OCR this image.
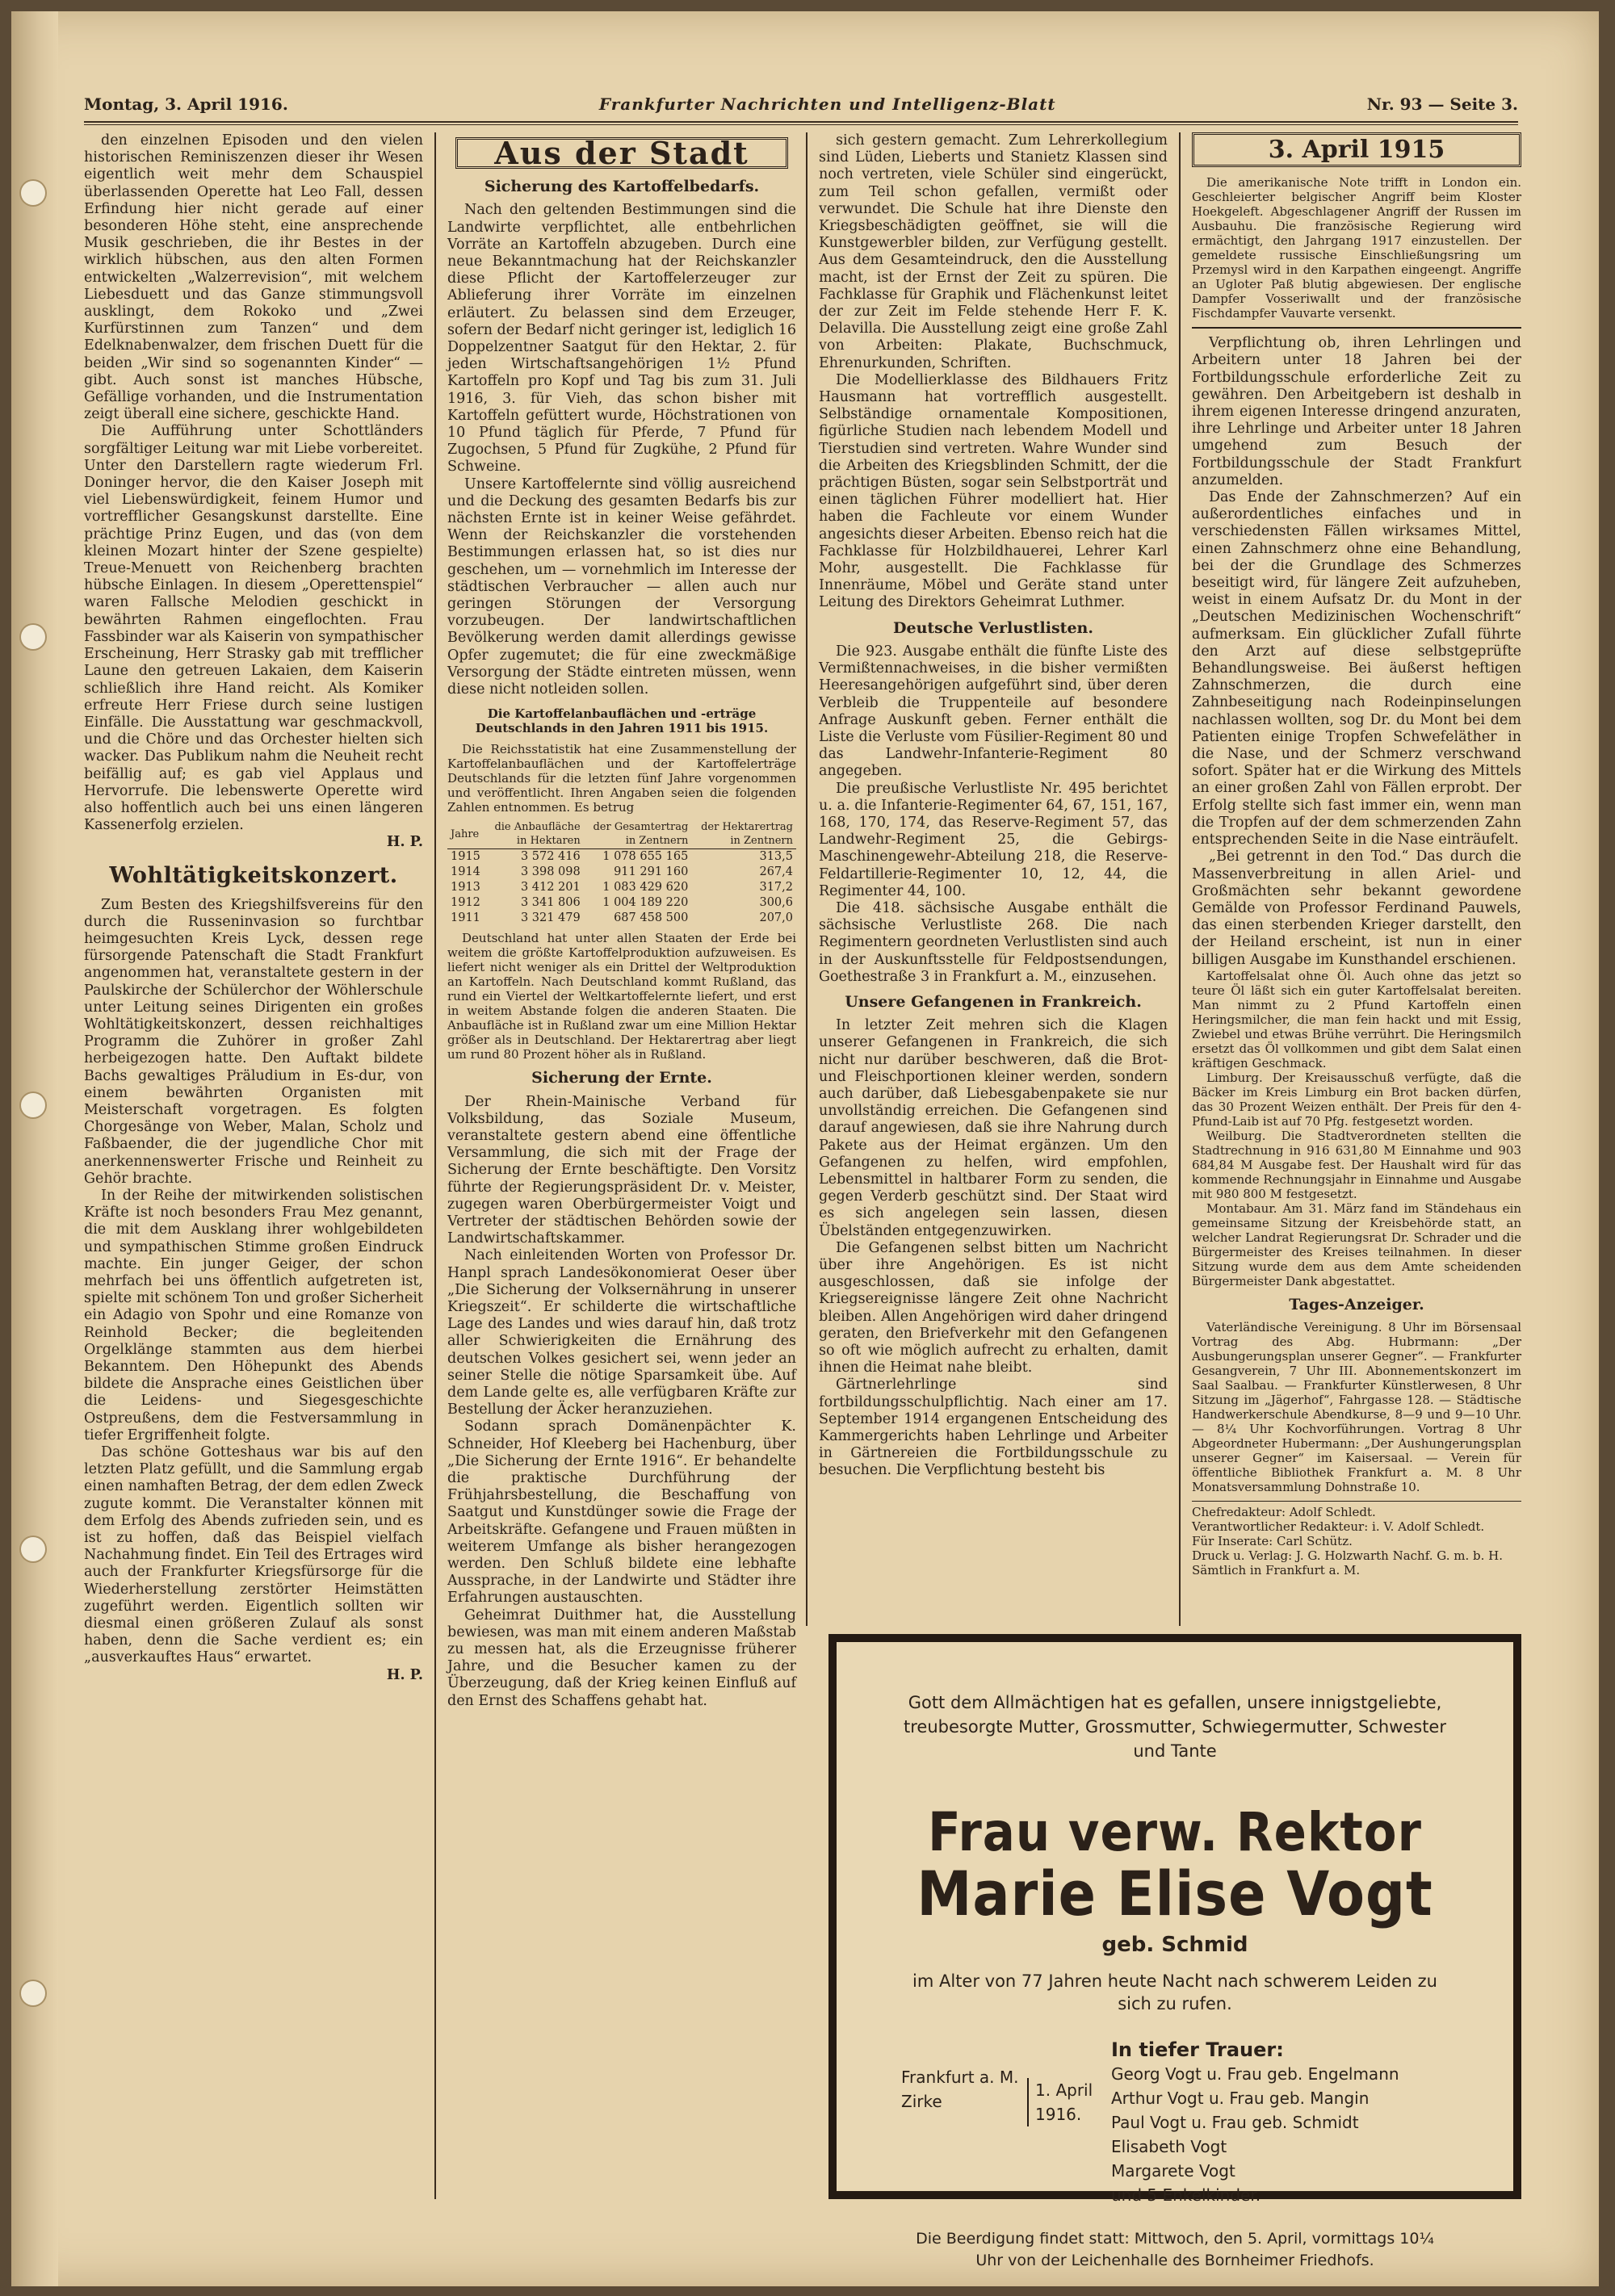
Montag, 3. April 1916.	Frankfurter Nachrichten und Intelligenz-Blatt	Nr. 93 — Seite 3.

den einzelnen Episoden und den vielen historischen Reminiszenzen dieser ihr Wesen eigentlich weit mehr dem Schauspiel überlassenden Operette hat Leo Fall, dessen Erfindung hier nicht gerade auf einer besonderen Höhe steht, eine ansprechende Musik geschrieben, die ihr Bestes in der wirklich hübschen, aus den alten Formen entwickelten „Walzerrevision“, mit welchem Liebesduett und das Ganze stimmungsvoll ausklingt, dem Rokoko und „Zwei Kurfürstinnen zum Tanzen“ und dem Edelknabenwalzer, dem frischen Duett für die beiden „Wir sind so sogenannten Kinder“ — gibt. Auch sonst ist manches Hübsche, Gefällige vorhanden, und die Instrumentation zeigt überall eine sichere, geschickte Hand.

Die Aufführung unter Schottländers sorgfältiger Leitung war mit Liebe vorbereitet. Unter den Darstellern ragte wiederum Frl. Doninger hervor, die den Kaiser Joseph mit viel Liebenswürdigkeit, feinem Humor und vortrefflicher Gesangskunst darstellte. Eine prächtige Prinz Eugen, und das (von dem kleinen Mozart hinter der Szene gespielte) Treue-Menuett von Reichenberg brachten hübsche Einlagen. In diesem „Operettenspiel“ waren Fallsche Melodien geschickt in bewährten Rahmen eingeflochten. Frau Fassbinder war als Kaiserin von sympathischer Erscheinung, Herr Strasky gab mit trefflicher Laune den getreuen Lakaien, dem Kaiserin schließlich ihre Hand reicht. Als Komiker erfreute Herr Friese durch seine lustigen Einfälle. Die Ausstattung war geschmackvoll, und die Chöre und das Orchester hielten sich wacker. Das Publikum nahm die Neuheit recht beifällig auf; es gab viel Applaus und Hervorrufe. Die lebenswerte Operette wird also hoffentlich auch bei uns einen längeren Kassenerfolg erzielen.

H. P.
Wohltätigkeitskonzert.

Zum Besten des Kriegshilfsvereins für den durch die Russeninvasion so furchtbar heimgesuchten Kreis Lyck, dessen rege fürsorgende Patenschaft die Stadt Frankfurt angenommen hat, veranstaltete gestern in der Paulskirche der Schülerchor der Wöhlerschule unter Leitung seines Dirigenten ein großes Wohltätigkeitskonzert, dessen reichhaltiges Programm die Zuhörer in großer Zahl herbeigezogen hatte. Den Auftakt bildete Bachs gewaltiges Präludium in Es-dur, von einem bewährten Organisten mit Meisterschaft vorgetragen. Es folgten Chorgesänge von Weber, Malan, Scholz und Faßbaender, die der jugendliche Chor mit anerkennenswerter Frische und Reinheit zu Gehör brachte.

In der Reihe der mitwirkenden solistischen Kräfte ist noch besonders Frau Mez genannt, die mit dem Ausklang ihrer wohlgebildeten und sympathischen Stimme großen Eindruck machte. Ein junger Geiger, der schon mehrfach bei uns öffentlich aufgetreten ist, spielte mit schönem Ton und großer Sicherheit ein Adagio von Spohr und eine Romanze von Reinhold Becker; die begleitenden Orgelklänge stammten aus dem hierbei Bekanntem. Den Höhepunkt des Abends bildete die Ansprache eines Geistlichen über die Leidens- und Siegesgeschichte Ostpreußens, dem die Festversammlung in tiefer Ergriffenheit folgte.

Das schöne Gotteshaus war bis auf den letzten Platz gefüllt, und die Sammlung ergab einen namhaften Betrag, der dem edlen Zweck zugute kommt. Die Veranstalter können mit dem Erfolg des Abends zufrieden sein, und es ist zu hoffen, daß das Beispiel vielfach Nachahmung findet. Ein Teil des Ertrages wird auch der Frankfurter Kriegsfürsorge für die Wiederherstellung zerstörter Heimstätten zugeführt werden. Eigentlich sollten wir diesmal einen größeren Zulauf als sonst haben, denn die Sache verdient es; ein „ausverkauftes Haus“ erwartet.

H. P.
Aus der Stadt
Sicherung des Kartoffelbedarfs.

Nach den geltenden Bestimmungen sind die Landwirte verpflichtet, alle entbehrlichen Vorräte an Kartoffeln abzugeben. Durch eine neue Bekanntmachung hat der Reichskanzler diese Pflicht der Kartoffelerzeuger zur Ablieferung ihrer Vorräte im einzelnen erläutert. Zu belassen sind dem Erzeuger, sofern der Bedarf nicht geringer ist, lediglich 16 Doppelzentner Saatgut für den Hektar, 2. für jeden Wirtschaftsangehörigen 1½ Pfund Kartoffeln pro Kopf und Tag bis zum 31. Juli 1916, 3. für Vieh, das schon bisher mit Kartoffeln gefüttert wurde, Höchstrationen von 10 Pfund täglich für Pferde, 7 Pfund für Zugochsen, 5 Pfund für Zugkühe, 2 Pfund für Schweine.

Unsere Kartoffelernte sind völlig ausreichend und die Deckung des gesamten Bedarfs bis zur nächsten Ernte ist in keiner Weise gefährdet. Wenn der Reichskanzler die vorstehenden Bestimmungen erlassen hat, so ist dies nur geschehen, um — vornehmlich im Interesse der städtischen Verbraucher — allen auch nur geringen Störungen der Versorgung vorzubeugen. Der landwirtschaftlichen Bevölkerung werden damit allerdings gewisse Opfer zugemutet; die für eine zweckmäßige Versorgung der Städte eintreten müssen, wenn diese nicht notleiden sollen.

Die Kartoffelanbauflächen und -erträge Deutschlands in den Jahren 1911 bis 1915.

Die Reichsstatistik hat eine Zusammenstellung der Kartoffelanbauflächen und der Kartoffelerträge Deutschlands für die letzten fünf Jahre vorgenommen und veröffentlicht. Ihren Angaben seien die folgenden Zahlen entnommen. Es betrug

Jahre	die Anbaufläche in Hektaren	der Gesamtertrag in Zentnern	der Hektarertrag in Zentnern
1915	3 572 416	1 078 655 165	313,5
1914	3 398 098	911 291 160	267,4
1913	3 412 201	1 083 429 620	317,2
1912	3 341 806	1 004 189 220	300,6
1911	3 321 479	687 458 500	207,0

Deutschland hat unter allen Staaten der Erde bei weitem die größte Kartoffelproduktion aufzuweisen. Es liefert nicht weniger als ein Drittel der Weltproduktion an Kartoffeln. Nach Deutschland kommt Rußland, das rund ein Viertel der Weltkartoffelernte liefert, und erst in weitem Abstande folgen die anderen Staaten. Die Anbaufläche ist in Rußland zwar um eine Million Hektar größer als in Deutschland. Der Hektarertrag aber liegt um rund 80 Prozent höher als in Rußland.

Sicherung der Ernte.

Der Rhein-Mainische Verband für Volksbildung, das Soziale Museum, veranstaltete gestern abend eine öffentliche Versammlung, die sich mit der Frage der Sicherung der Ernte beschäftigte. Den Vorsitz führte der Regierungspräsident Dr. v. Meister, zugegen waren Oberbürgermeister Voigt und Vertreter der städtischen Behörden sowie der Landwirtschaftskammer.

Nach einleitenden Worten von Professor Dr. Hanpl sprach Landesökonomierat Oeser über „Die Sicherung der Volksernährung in unserer Kriegszeit“. Er schilderte die wirtschaftliche Lage des Landes und wies darauf hin, daß trotz aller Schwierigkeiten die Ernährung des deutschen Volkes gesichert sei, wenn jeder an seiner Stelle die nötige Sparsamkeit übe. Auf dem Lande gelte es, alle verfügbaren Kräfte zur Bestellung der Äcker heranzuziehen.

Sodann sprach Domänenpächter K. Schneider, Hof Kleeberg bei Hachenburg, über „Die Sicherung der Ernte 1916“. Er behandelte die praktische Durchführung der Frühjahrsbestellung, die Beschaffung von Saatgut und Kunstdünger sowie die Frage der Arbeitskräfte. Gefangene und Frauen müßten in weiterem Umfange als bisher herangezogen werden. Den Schluß bildete eine lebhafte Aussprache, in der Landwirte und Städter ihre Erfahrungen austauschten.

Geheimrat Duithmer hat, die Ausstellung bewiesen, was man mit einem anderen Maßstab zu messen hat, als die Erzeugnisse früherer Jahre, und die Besucher kamen zu der Überzeugung, daß der Krieg keinen Einfluß auf den Ernst des Schaffens gehabt hat.

sich gestern gemacht. Zum Lehrerkollegium sind Lüden, Lieberts und Stanietz Klassen sind noch vertreten, viele Schüler sind eingerückt, zum Teil schon gefallen, vermißt oder verwundet. Die Schule hat ihre Dienste den Kriegsbeschädigten geöffnet, sie will die Kunstgewerbler bilden, zur Verfügung gestellt. Aus dem Gesamteindruck, den die Ausstellung macht, ist der Ernst der Zeit zu spüren. Die Fachklasse für Graphik und Flächenkunst leitet der zur Zeit im Felde stehende Herr F. K. Delavilla. Die Ausstellung zeigt eine große Zahl von Arbeiten: Plakate, Buchschmuck, Ehrenurkunden, Schriften.

Die Modellierklasse des Bildhauers Fritz Hausmann hat vortrefflich ausgestellt. Selbständige ornamentale Kompositionen, figürliche Studien nach lebendem Modell und Tierstudien sind vertreten. Wahre Wunder sind die Arbeiten des Kriegsblinden Schmitt, der die prächtigen Büsten, sogar sein Selbstporträt und einen täglichen Führer modelliert hat. Hier haben die Fachleute vor einem Wunder angesichts dieser Arbeiten. Ebenso reich hat die Fachklasse für Holzbildhauerei, Lehrer Karl Mohr, ausgestellt. Die Fachklasse für Innenräume, Möbel und Geräte stand unter Leitung des Direktors Geheimrat Luthmer.

Deutsche Verlustlisten.

Die 923. Ausgabe enthält die fünfte Liste des Vermißtennachweises, in die bisher vermißten Heeresangehörigen aufgeführt sind, über deren Verbleib die Truppenteile auf besondere Anfrage Auskunft geben. Ferner enthält die Liste die Verluste vom Füsilier-Regiment 80 und das Landwehr-Infanterie-Regiment 80 angegeben.

Die preußische Verlustliste Nr. 495 berichtet u. a. die Infanterie-Regimenter 64, 67, 151, 167, 168, 170, 174, das Reserve-Regiment 57, das Landwehr-Regiment 25, die Gebirgs-Maschinengewehr-Abteilung 218, die Reserve-Feldartillerie-Regimenter 10, 12, 44, die Regimenter 44, 100.

Die 418. sächsische Ausgabe enthält die sächsische Verlustliste 268. Die nach Regimentern geordneten Verlustlisten sind auch in der Auskunftsstelle für Feldpostsendungen, Goethestraße 3 in Frankfurt a. M., einzusehen.

Unsere Gefangenen in Frankreich.

In letzter Zeit mehren sich die Klagen unserer Gefangenen in Frankreich, die sich nicht nur darüber beschweren, daß die Brot- und Fleischportionen kleiner werden, sondern auch darüber, daß Liebesgabenpakete sie nur unvollständig erreichen. Die Gefangenen sind darauf angewiesen, daß sie ihre Nahrung durch Pakete aus der Heimat ergänzen. Um den Gefangenen zu helfen, wird empfohlen, Lebensmittel in haltbarer Form zu senden, die gegen Verderb geschützt sind. Der Staat wird es sich angelegen sein lassen, diesen Übelständen entgegenzuwirken.

Die Gefangenen selbst bitten um Nachricht über ihre Angehörigen. Es ist nicht ausgeschlossen, daß sie infolge der Kriegsereignisse längere Zeit ohne Nachricht bleiben. Allen Angehörigen wird daher dringend geraten, den Briefverkehr mit den Gefangenen so oft wie möglich aufrecht zu erhalten, damit ihnen die Heimat nahe bleibt.

Gärtnerlehrlinge sind fortbildungsschulpflichtig. Nach einer am 17. September 1914 ergangenen Entscheidung des Kammergerichts haben Lehrlinge und Arbeiter in Gärtnereien die Fortbildungsschule zu besuchen. Die Verpflichtung besteht bis

3. April 1915

Die amerikanische Note trifft in London ein. Geschleierter belgischer Angriff beim Kloster Hoekgeleft. Abgeschlagener Angriff der Russen im Ausbauhu. Die französische Regierung wird ermächtigt, den Jahrgang 1917 einzustellen. Der gemeldete russische Einschließungsring um Przemysl wird in den Karpathen eingeengt. Angriffe an Ugloter Paß blutig abgewiesen. Der englische Dampfer Vosseriwallt und der französische Fischdampfer Vauvarte versenkt.

Verpflichtung ob, ihren Lehrlingen und Arbeitern unter 18 Jahren bei der Fortbildungsschule erforderliche Zeit zu gewähren. Den Arbeitgebern ist deshalb in ihrem eigenen Interesse dringend anzuraten, ihre Lehrlinge und Arbeiter unter 18 Jahren umgehend zum Besuch der Fortbildungsschule der Stadt Frankfurt anzumelden.

Das Ende der Zahnschmerzen? Auf ein außerordentliches einfaches und in verschiedensten Fällen wirksames Mittel, einen Zahnschmerz ohne eine Behandlung, bei der die Grundlage des Schmerzes beseitigt wird, für längere Zeit aufzuheben, weist in einem Aufsatz Dr. du Mont in der „Deutschen Medizinischen Wochenschrift“ aufmerksam. Ein glücklicher Zufall führte den Arzt auf diese selbstgeprüfte Behandlungsweise. Bei äußerst heftigen Zahnschmerzen, die durch eine Zahnbeseitigung nach Rodeinpinselungen nachlassen wollten, sog Dr. du Mont bei dem Patienten einige Tropfen Schwefeläther in die Nase, und der Schmerz verschwand sofort. Später hat er die Wirkung des Mittels an einer großen Zahl von Fällen erprobt. Der Erfolg stellte sich fast immer ein, wenn man die Tropfen auf der dem schmerzenden Zahn entsprechenden Seite in die Nase einträufelt.

„Bei getrennt in den Tod.“ Das durch die Massenverbreitung in allen Ariel- und Großmächten sehr bekannt gewordene Gemälde von Professor Ferdinand Pauwels, das einen sterbenden Krieger darstellt, den der Heiland erscheint, ist nun in einer billigen Ausgabe im Kunsthandel erschienen.

Kartoffelsalat ohne Öl. Auch ohne das jetzt so teure Öl läßt sich ein guter Kartoffelsalat bereiten. Man nimmt zu 2 Pfund Kartoffeln einen Heringsmilcher, die man fein hackt und mit Essig, Zwiebel und etwas Brühe verrührt. Die Heringsmilch ersetzt das Öl vollkommen und gibt dem Salat einen kräftigen Geschmack.

Limburg. Der Kreisausschuß verfügte, daß die Bäcker im Kreis Limburg ein Brot backen dürfen, das 30 Prozent Weizen enthält. Der Preis für den 4-Pfund-Laib ist auf 70 Pfg. festgesetzt worden.

Weilburg. Die Stadtverordneten stellten die Stadtrechnung in 916 631,80 M Einnahme und 903 684,84 M Ausgabe fest. Der Haushalt wird für das kommende Rechnungsjahr in Einnahme und Ausgabe mit 980 800 M festgesetzt.

Montabaur. Am 31. März fand im Ständehaus ein gemeinsame Sitzung der Kreisbehörde statt, an welcher Landrat Regierungsrat Dr. Schrader und die Bürgermeister des Kreises teilnahmen. In dieser Sitzung wurde dem aus dem Amte scheidenden Bürgermeister Dank abgestattet.

Tages-Anzeiger.

Vaterländische Vereinigung. 8 Uhr im Börsensaal Vortrag des Abg. Hubrmann: „Der Ausbungerungsplan unserer Gegner“. — Frankfurter Gesangverein, 7 Uhr III. Abonnementskonzert im Saal Saalbau. — Frankfurter Künstlerwesen, 8 Uhr Sitzung im „Jägerhof“, Fahrgasse 128. — Städtische Handwerkerschule Abendkurse, 8—9 und 9—10 Uhr. — 8¼ Uhr Kochvorführungen. Vortrag 8 Uhr Abgeordneter Hubermann: „Der Aushungerungsplan unserer Gegner“ im Kaisersaal. — Verein für öffentliche Bibliothek Frankfurt a. M. 8 Uhr Monatsversammlung Dohnstraße 10.

Chefredakteur: Adolf Schledt.
Verantwortlicher Redakteur: i. V. Adolf Schledt.
Für Inserate: Carl Schütz.
Druck u. Verlag: J. G. Holzwarth Nachf. G. m. b. H.
Sämtlich in Frankfurt a. M.
Gott dem Allmächtigen hat es gefallen, unsere innigstgeliebte, treubesorgte Mutter, Grossmutter, Schwiegermutter, Schwester und Tante
Frau verw. Rektor Marie Elise Vogt
geb. Schmid
im Alter von 77 Jahren heute Nacht nach schwerem Leiden zu sich zu rufen.
Frankfurt a. M.
Zirke
1. April 1916.
In tiefer Trauer:
Georg Vogt u. Frau geb. Engelmann
Arthur Vogt u. Frau geb. Mangin
Paul Vogt u. Frau geb. Schmidt
Elisabeth Vogt
Margarete Vogt
und 5 Enkelkinder.
Die Beerdigung findet statt: Mittwoch, den 5. April, vormittags 10¼ Uhr von der Leichenhalle des Bornheimer Friedhofs.
